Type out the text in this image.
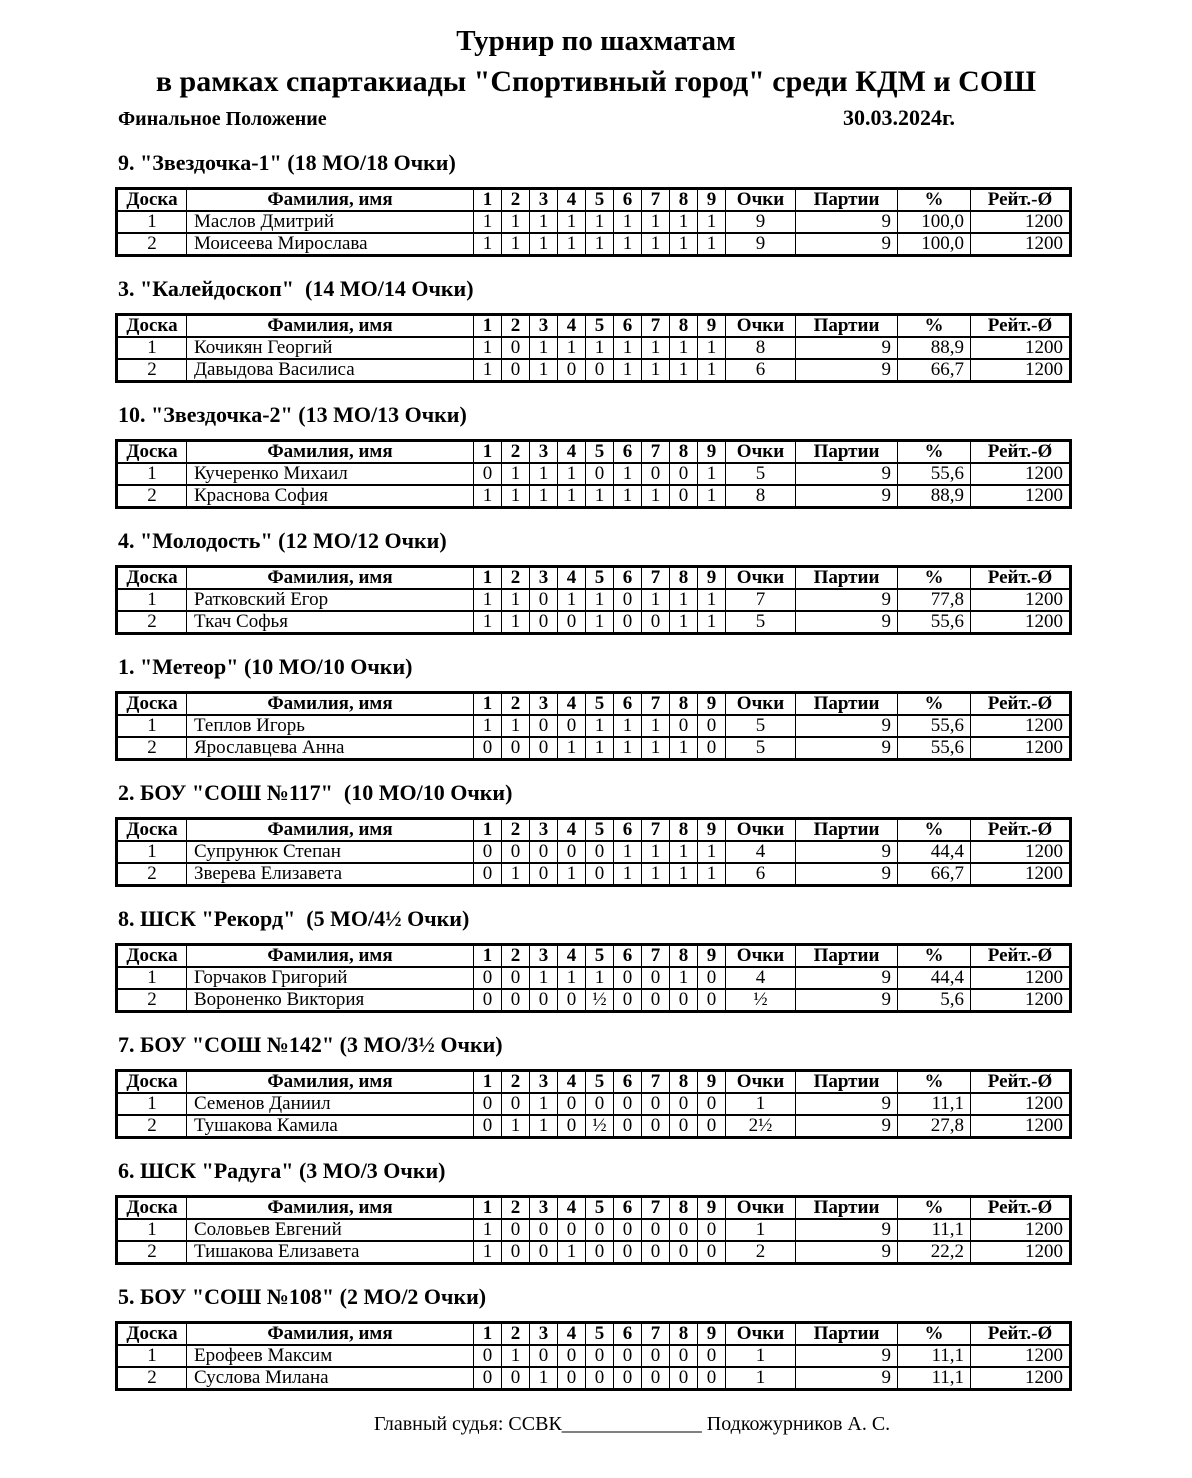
Турнир по шахматам
в рамках спартакиады "Спортивный город" среди КДМ и СОШ
Финальное Положение	30.03.2024г.
9. "Звездочка-1" (18 МО/18 Очки)
Доска	Фамилия, имя	1	2	3	4	5	6	7	8	9	Очки	Партии	%	Рейт.-Ø
1	Маслов Дмитрий	1	1	1	1	1	1	1	1	1	9	9	100,0	1200
2	Моисеева Мирослава	1	1	1	1	1	1	1	1	1	9	9	100,0	1200
3. "Калейдоскоп"  (14 МО/14 Очки)
Доска	Фамилия, имя	1	2	3	4	5	6	7	8	9	Очки	Партии	%	Рейт.-Ø
1	Кочикян Георгий	1	0	1	1	1	1	1	1	1	8	9	88,9	1200
2	Давыдова Василиса	1	0	1	0	0	1	1	1	1	6	9	66,7	1200
10. "Звездочка-2" (13 МО/13 Очки)
Доска	Фамилия, имя	1	2	3	4	5	6	7	8	9	Очки	Партии	%	Рейт.-Ø
1	Кучеренко Михаил	0	1	1	1	0	1	0	0	1	5	9	55,6	1200
2	Краснова София	1	1	1	1	1	1	1	0	1	8	9	88,9	1200
4. "Молодость" (12 МО/12 Очки)
Доска	Фамилия, имя	1	2	3	4	5	6	7	8	9	Очки	Партии	%	Рейт.-Ø
1	Ратковский Егор	1	1	0	1	1	0	1	1	1	7	9	77,8	1200
2	Ткач Софья	1	1	0	0	1	0	0	1	1	5	9	55,6	1200
1. "Метеор" (10 МО/10 Очки)
Доска	Фамилия, имя	1	2	3	4	5	6	7	8	9	Очки	Партии	%	Рейт.-Ø
1	Теплов Игорь	1	1	0	0	1	1	1	0	0	5	9	55,6	1200
2	Ярославцева Анна	0	0	0	1	1	1	1	1	0	5	9	55,6	1200
2. БОУ "СОШ №117"  (10 МО/10 Очки)
Доска	Фамилия, имя	1	2	3	4	5	6	7	8	9	Очки	Партии	%	Рейт.-Ø
1	Супрунюк Степан	0	0	0	0	0	1	1	1	1	4	9	44,4	1200
2	Зверева Елизавета	0	1	0	1	0	1	1	1	1	6	9	66,7	1200
8. ШСК "Рекорд"  (5 МО/4½ Очки)
Доска	Фамилия, имя	1	2	3	4	5	6	7	8	9	Очки	Партии	%	Рейт.-Ø
1	Горчаков Григорий	0	0	1	1	1	0	0	1	0	4	9	44,4	1200
2	Вороненко Виктория	0	0	0	0	½	0	0	0	0	½	9	5,6	1200
7. БОУ "СОШ №142" (3 МО/3½ Очки)
Доска	Фамилия, имя	1	2	3	4	5	6	7	8	9	Очки	Партии	%	Рейт.-Ø
1	Семенов Даниил	0	0	1	0	0	0	0	0	0	1	9	11,1	1200
2	Тушакова Камила	0	1	1	0	½	0	0	0	0	2½	9	27,8	1200
6. ШСК "Радуга" (3 МО/3 Очки)
Доска	Фамилия, имя	1	2	3	4	5	6	7	8	9	Очки	Партии	%	Рейт.-Ø
1	Соловьев Евгений	1	0	0	0	0	0	0	0	0	1	9	11,1	1200
2	Тишакова Елизавета	1	0	0	1	0	0	0	0	0	2	9	22,2	1200
5. БОУ "СОШ №108" (2 МО/2 Очки)
Доска	Фамилия, имя	1	2	3	4	5	6	7	8	9	Очки	Партии	%	Рейт.-Ø
1	Ерофеев Максим	0	1	0	0	0	0	0	0	0	1	9	11,1	1200
2	Суслова Милана	0	0	1	0	0	0	0	0	0	1	9	11,1	1200
Главный судья: ССВК______________ Подкожурников А. С.
